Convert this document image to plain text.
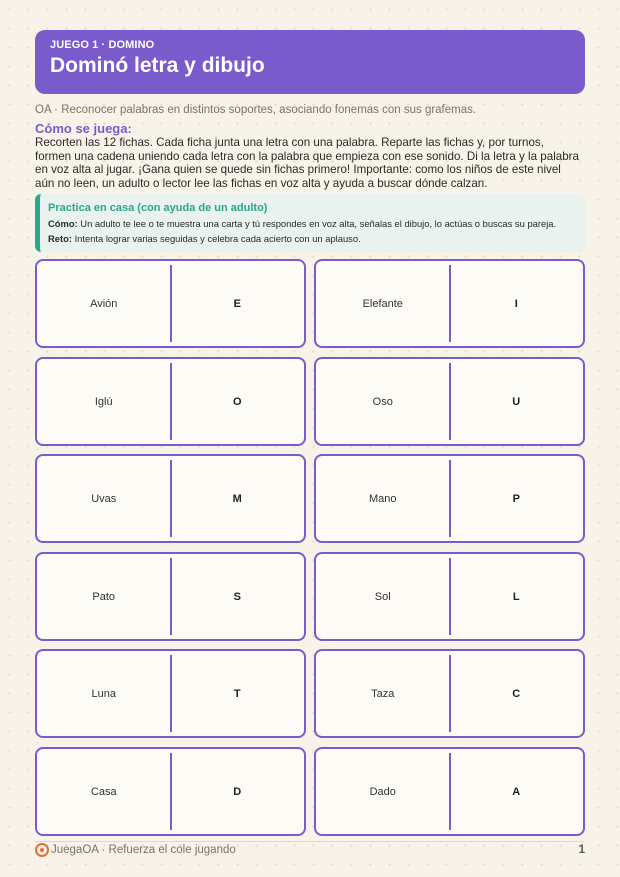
JUEGO 1 · DOMINO
Dominó letra y dibujo
OA · Reconocer palabras en distintos soportes, asociando fonemas con sus grafemas.
Cómo se juega:
Recorten las 12 fichas. Cada ficha junta una letra con una palabra. Reparte las fichas y, por turnos, formen una cadena uniendo cada letra con la palabra que empieza con ese sonido. Di la letra y la palabra en voz alta al jugar. ¡Gana quien se quede sin fichas primero! Importante: como los niños de este nivel aún no leen, un adulto o lector lee las fichas en voz alta y ayuda a buscar dónde calzan.
Practica en casa (con ayuda de un adulto)
Cómo: Un adulto te lee o te muestra una carta y tú respondes en voz alta, señalas el dibujo, lo actúas o buscas su pareja.
Reto: Intenta lograr varias seguidas y celebra cada acierto con un aplauso.
Avión	E	Elefante	I
Iglú	O	Oso	U
Uvas	M	Mano	P
Pato	S	Sol	L
Luna	T	Taza	C
Casa	D	Dado	A
JuegaOA · Refuerza el cole jugando	1
